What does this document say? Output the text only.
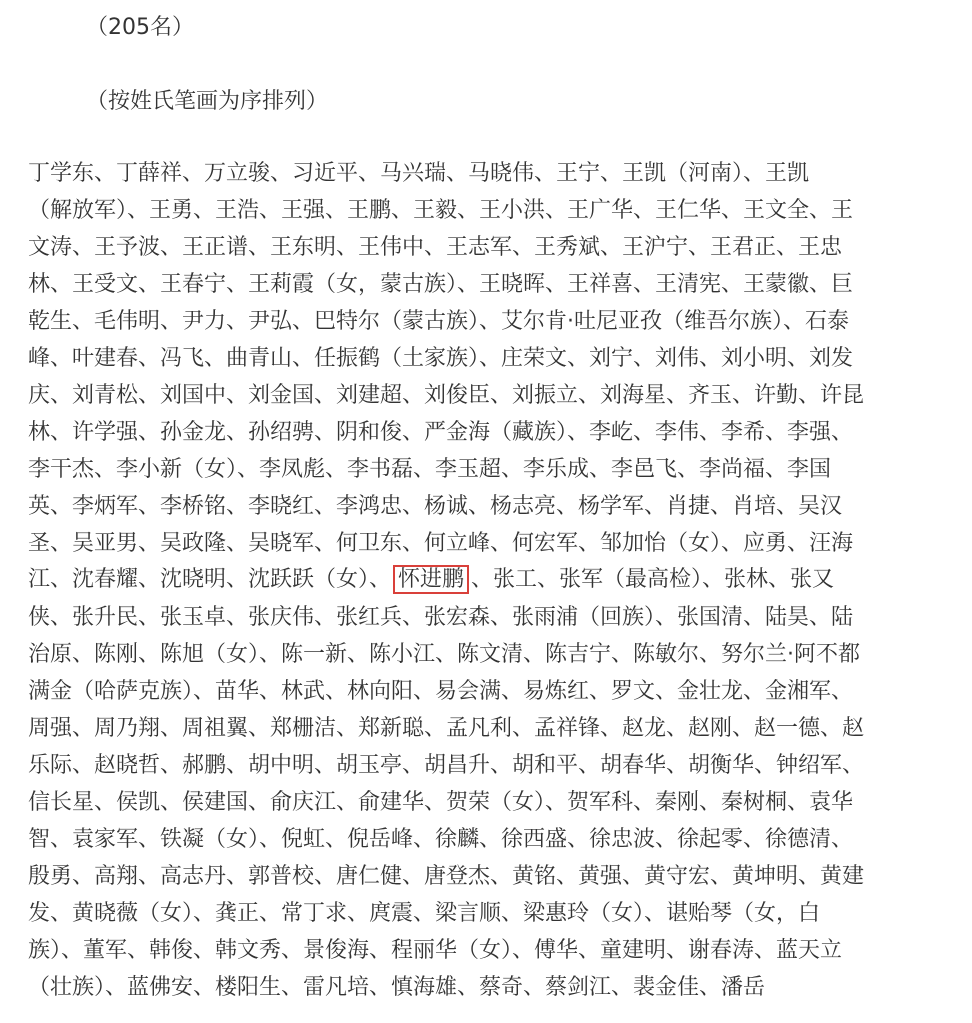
（205名）
（按姓氏笔画为序排列）
丁学东、丁薛祥、万立骏、习近平、马兴瑞、马晓伟、王宁、王凯（河南）、王凯
（解放军）、王勇、王浩、王强、王鹏、王毅、王小洪、王广华、王仁华、王文全、王
文涛、王予波、王正谱、王东明、王伟中、王志军、王秀斌、王沪宁、王君正、王忠
林、王受文、王春宁、王莉霞（女，蒙古族）、王晓晖、王祥喜、王清宪、王蒙徽、巨
乾生、毛伟明、尹力、尹弘、巴特尔（蒙古族）、艾尔肯·吐尼亚孜（维吾尔族）、石泰
峰、叶建春、冯飞、曲青山、任振鹤（土家族）、庄荣文、刘宁、刘伟、刘小明、刘发
庆、刘青松、刘国中、刘金国、刘建超、刘俊臣、刘振立、刘海星、齐玉、许勤、许昆
林、许学强、孙金龙、孙绍骋、阴和俊、严金海（藏族）、李屹、李伟、李希、李强、
李干杰、李小新（女）、李凤彪、李书磊、李玉超、李乐成、李邑飞、李尚福、李国
英、李炳军、李桥铭、李晓红、李鸿忠、杨诚、杨志亮、杨学军、肖捷、肖培、吴汉
圣、吴亚男、吴政隆、吴晓军、何卫东、何立峰、何宏军、邹加怡（女）、应勇、汪海
江、沈春耀、沈晓明、沈跃跃（女）、 怀进鹏 、张工、张军（最高检）、张林、张又
侠、张升民、张玉卓、张庆伟、张红兵、张宏森、张雨浦（回族）、张国清、陆昊、陆
治原、陈刚、陈旭（女）、陈一新、陈小江、陈文清、陈吉宁、陈敏尔、努尔兰·阿不都
满金（哈萨克族）、苗华、林武、林向阳、易会满、易炼红、罗文、金壮龙、金湘军、
周强、周乃翔、周祖翼、郑栅洁、郑新聪、孟凡利、孟祥锋、赵龙、赵刚、赵一德、赵
乐际、赵晓哲、郝鹏、胡中明、胡玉亭、胡昌升、胡和平、胡春华、胡衡华、钟绍军、
信长星、侯凯、侯建国、俞庆江、俞建华、贺荣（女）、贺军科、秦刚、秦树桐、袁华
智、袁家军、铁凝（女）、倪虹、倪岳峰、徐麟、徐西盛、徐忠波、徐起零、徐德清、
殷勇、高翔、高志丹、郭普校、唐仁健、唐登杰、黄铭、黄强、黄守宏、黄坤明、黄建
发、黄晓薇（女）、龚正、常丁求、庹震、梁言顺、梁惠玲（女）、谌贻琴（女，白
族）、董军、韩俊、韩文秀、景俊海、程丽华（女）、傅华、童建明、谢春涛、蓝天立
（壮族）、蓝佛安、楼阳生、雷凡培、慎海雄、蔡奇、蔡剑江、裴金佳、潘岳
